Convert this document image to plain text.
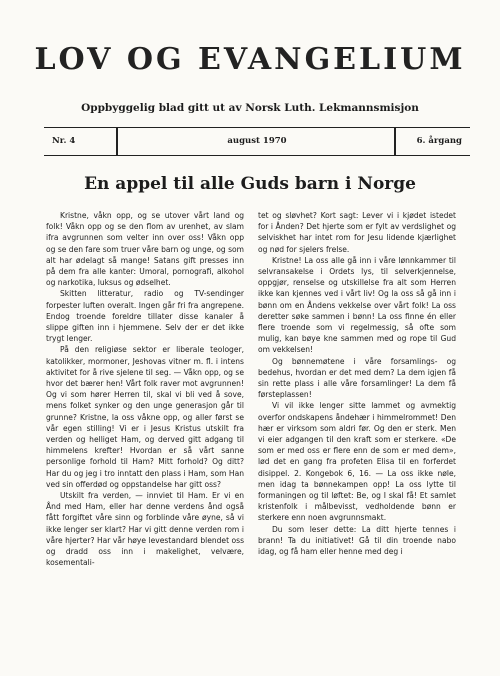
LOV OG EVANGELIUM
Oppbyggelig blad gitt ut av Norsk Luth. Lekmannsmisjon
Nr. 4	august 1970	6. årgang
En appel til alle Guds barn i Norge

Kristne, våkn opp, og se utover vårt land og folk! Våkn opp og se den flom av urenhet, av slam ifra avgrunnen som velter inn over oss! Våkn opp og se den fare som truer våre barn og unge, og som alt har ødelagt så mange! Satans gift presses inn på dem fra alle kanter: Umoral, pornografi, alkohol og narkotika, luksus og ødselhet.

Skitten litteratur, radio og TV-sendinger forpester luften overalt. Ingen går fri fra angrepene. Endog troende foreldre tillater disse kanaler å slippe giften inn i hjemmene. Selv der er det ikke trygt lenger.

På den religiøse sektor er liberale teologer, katolikker, mormoner, Jeshovas vitner m. fl. i intens aktivitet for å rive sjelene til seg. — Våkn opp, og se hvor det bærer hen! Vårt folk raver mot avgrunnen! Og vi som hører Herren til, skal vi bli ved å sove, mens folket synker og den unge generasjon går til grunne? Kristne, la oss våkne opp, og aller først se vår egen stilling! Vi er i Jesus Kristus utskilt fra verden og helliget Ham, og derved gitt adgang til himmelens krefter! Hvordan er så vårt sanne personlige forhold til Ham? Mitt forhold? Og ditt? Har du og jeg i tro inntatt den plass i Ham, som Han ved sin offerdød og oppstandelse har gitt oss?

Utskilt fra verden, — innviet til Ham. Er vi en Ånd med Ham, eller har denne verdens ånd også fått forgiftet våre sinn og forblinde våre øyne, så vi ikke lenger ser klart? Har vi gitt denne verden rom i våre hjerter? Har vår høye levestandard blendet oss og dradd oss inn i makelighet, velvære, kosementali-

tet og sløvhet? Kort sagt: Lever vi i kjødet istedet for i Ånden? Det hjerte som er fylt av verdslighet og selviskhet har intet rom for Jesu lidende kjærlighet og nød for sjelers frelse.

Kristne! La oss alle gå inn i våre lønnkammer til selvransakelse i Ordets lys, til selverkjennelse, oppgjør, renselse og utskillelse fra alt som Herren ikke kan kjennes ved i vårt liv! Og la oss så gå inn i bønn om en Åndens vekkelse over vårt folk! La oss deretter søke sammen i bønn! La oss finne én eller flere troende som vi regelmessig, så ofte som mulig, kan bøye kne sammen med og rope til Gud om vekkelsen!

Og bønnemøtene i våre forsamlings- og bedehus, hvordan er det med dem? La dem igjen få sin rette plass i alle våre forsamlinger! La dem få førsteplassen!

Vi vil ikke lenger sitte lammet og avmektig overfor ondskapens åndehær i himmelrommet! Den hær er virksom som aldri før. Og den er sterk. Men vi eier adgangen til den kraft som er sterkere. «De som er med oss er flere enn de som er med dem», lød det en gang fra profeten Elisa til en forferdet disippel. 2. Kongebok 6, 16. — La oss ikke nøle, men idag ta bønnekampen opp! La oss lytte til formaningen og til løftet: Be, og I skal få! Et samlet kristenfolk i målbevisst, vedholdende bønn er sterkere enn noen avgrunnsmakt.

Du som leser dette: La ditt hjerte tennes i brann! Ta du initiativet! Gå til din troende nabo idag, og få ham eller henne med deg i
